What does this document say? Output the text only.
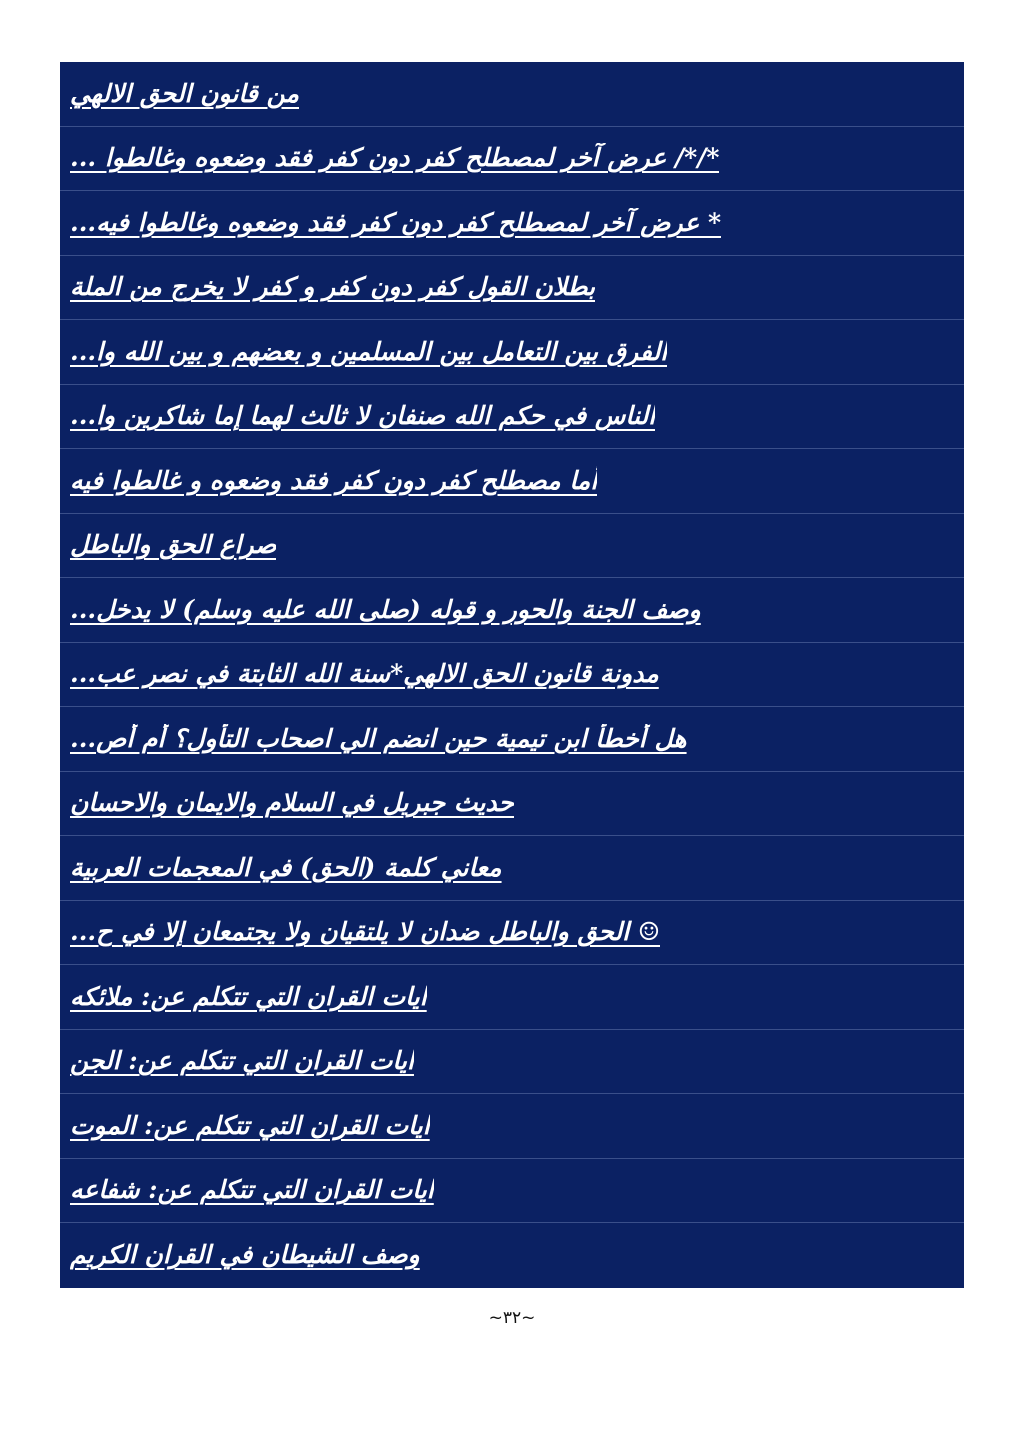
من قانون الحق الالهي
*/*/ عرض آخر لمصطلح كفر دون كفر فقد وضعوه وغالطوا ...
* عرض آخر لمصطلح كفر دون كفر فقد وضعوه وغالطوا فيه...
بطلان القول كفر دون كفر و كفر لا يخرج من الملة
الفرق بين التعامل بين المسلمين و بعضهم و بين الله وا...
الناس في حكم الله صنفان لا ثالث لهما إما شاكرين وا...
أما مصطلح كفر دون كفر فقد وضعوه و غالطوا فيه
صراع الحق والباطل
وصف الجنة والحور و قوله (صلى الله عليه وسلم) لا يدخل...
مدونة قانون الحق الالهي*سنة الله الثابتة في نصر عب...
هل أخطأ ابن تيمية حين انضم الي اصحاب التأول؟ أم أص...
حديث جبريل في السلام والايمان والاحسان
معاني كلمة (الحق) في المعجمات العربية
☺ الحق والباطل ضدان لا يلتقيان ولا يجتمعان إلا في ح...
ايات القران التي تتكلم عن: ملائكه
ايات القران التي تتكلم عن: الجن
ايات القران التي تتكلم عن: الموت
ايات القران التي تتكلم عن: شفاعه
وصف الشيطان في القران الكريم
~٣٢~
